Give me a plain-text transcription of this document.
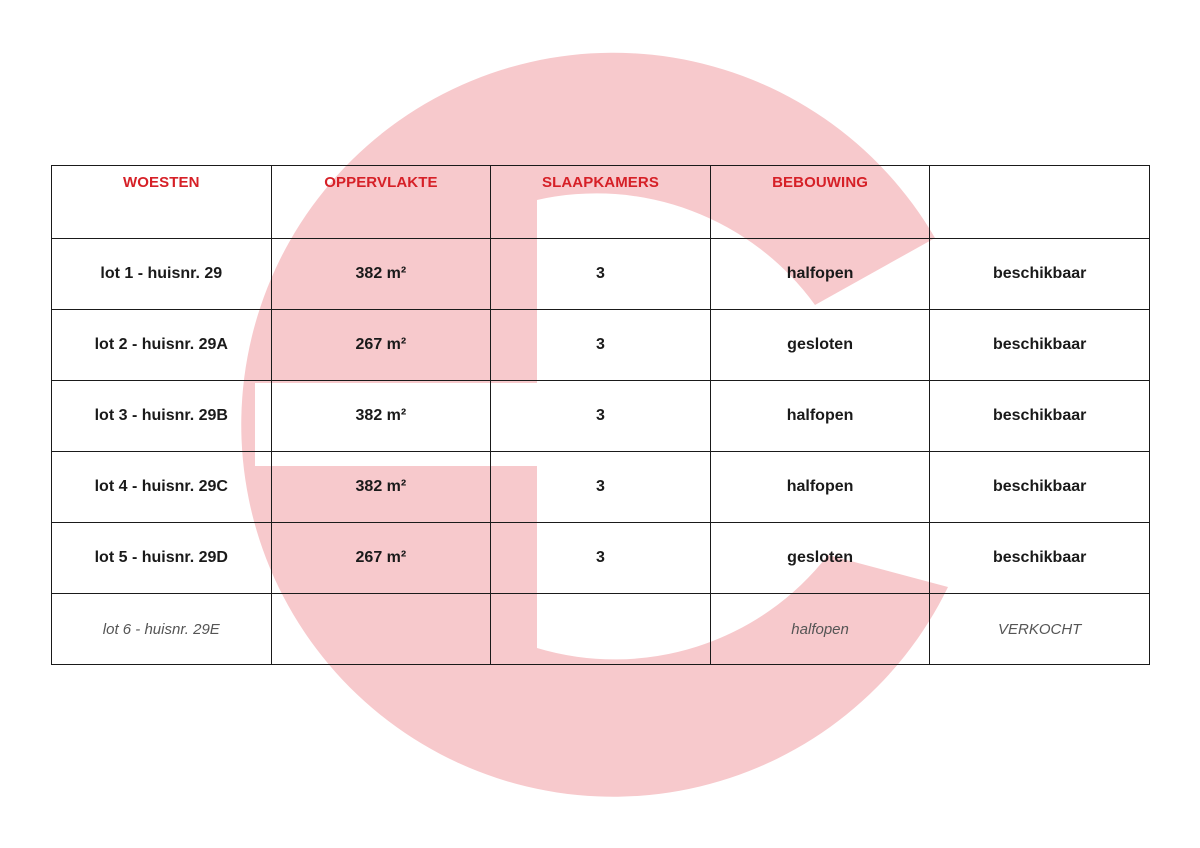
WOESTEN	OPPERVLAKTE	SLAAPKAMERS	BEBOUWING	
lot 1 - huisnr. 29	382 m²	3	halfopen	beschikbaar
lot 2 - huisnr. 29A	267 m²	3	gesloten	beschikbaar
lot 3 - huisnr. 29B	382 m²	3	halfopen	beschikbaar
lot 4 - huisnr. 29C	382 m²	3	halfopen	beschikbaar
lot 5 - huisnr. 29D	267 m²	3	gesloten	beschikbaar
lot 6 - huisnr. 29E			halfopen	VERKOCHT
